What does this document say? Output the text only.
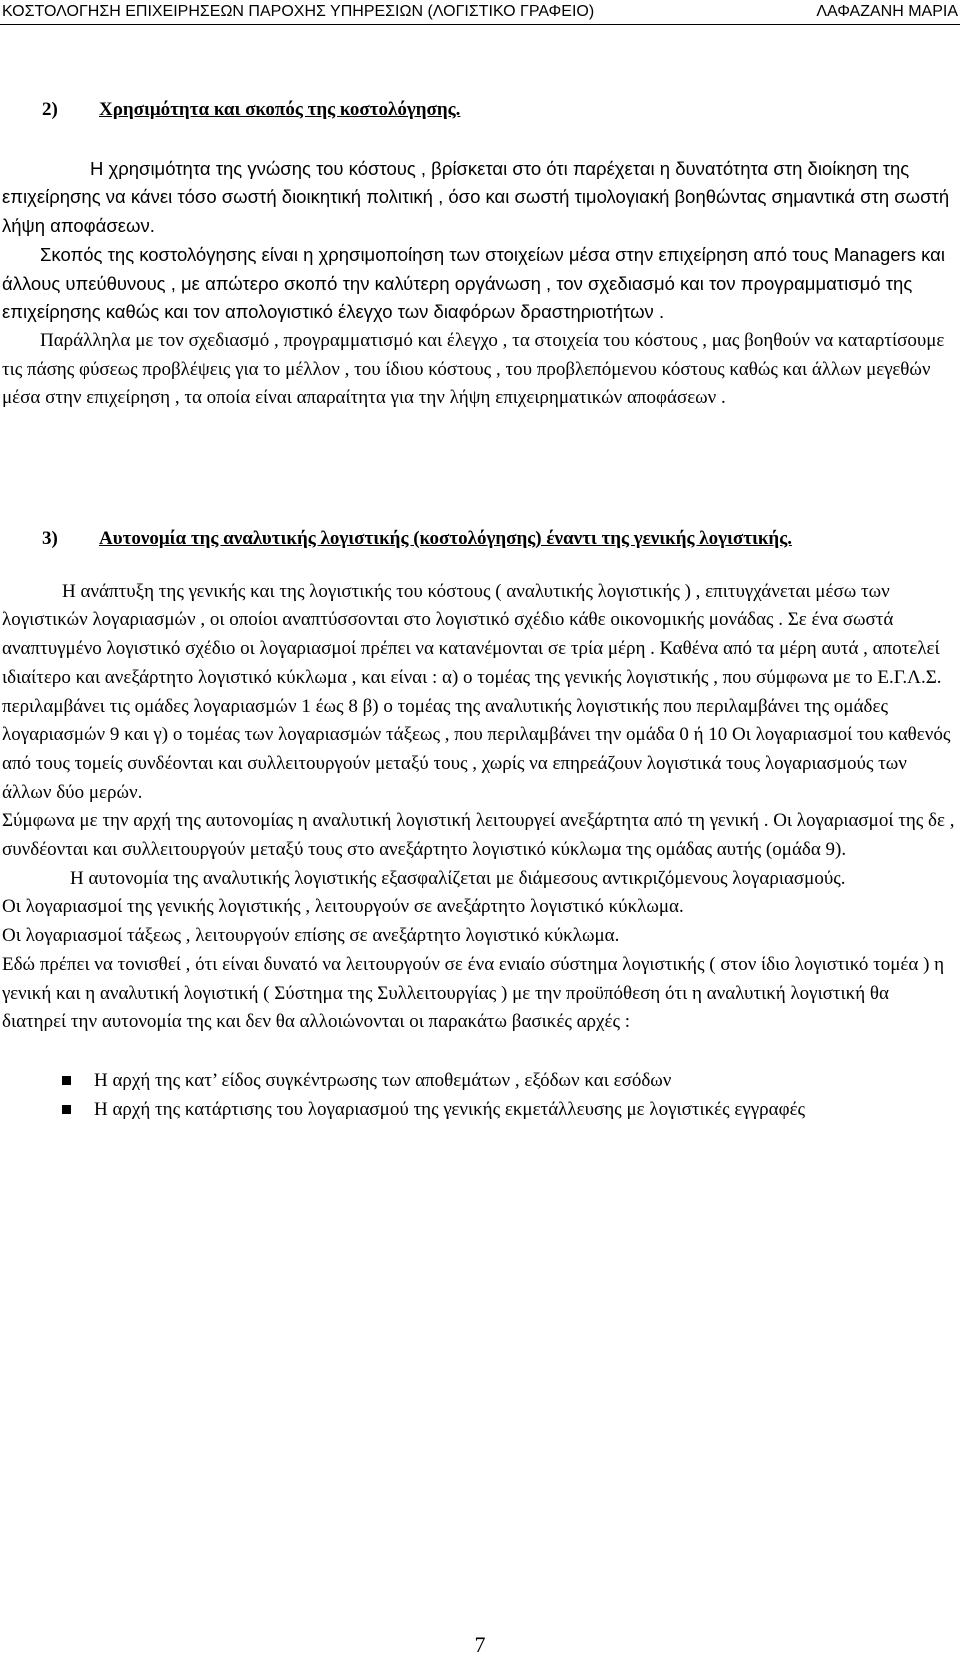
ΚΟΣΤΟΛΟΓΗΣΗ ΕΠΙΧΕΙΡΗΣΕΩΝ ΠΑΡΟΧΗΣ ΥΠΗΡΕΣΙΩΝ (ΛΟΓΙΣΤΙΚΟ ΓΡΑΦΕΙΟ)	ΛΑΦΑΖΑΝΗ ΜΑΡΙΑ
2)	Χρησιμότητα και σκοπός της κοστολόγησης.

Η χρησιμότητα της γνώσης του κόστους , βρίσκεται στο ότι παρέχεται η δυνατότητα στη διοίκηση της επιχείρησης να κάνει τόσο σωστή διοικητική πολιτική , όσο και σωστή τιμολογιακή βοηθώντας σημαντικά στη σωστή λήψη αποφάσεων.

Σκοπός της κοστολόγησης είναι η χρησιμοποίηση των στοιχείων μέσα στην επιχείρηση από τους Managers και άλλους υπεύθυνους , με απώτερο σκοπό την καλύτερη οργάνωση , τον σχεδιασμό και τον προγραμματισμό της επιχείρησης καθώς και τον απολογιστικό έλεγχο των διαφόρων δραστηριοτήτων .

Παράλληλα με τον σχεδιασμό , προγραμματισμό και έλεγχο , τα στοιχεία του κόστους , μας βοηθούν να καταρτίσουμε τις πάσης φύσεως προβλέψεις για το μέλλον , του ίδιου κόστους , του προβλεπόμενου κόστους καθώς και άλλων μεγεθών μέσα στην επιχείρηση , τα οποία είναι απαραίτητα για την λήψη επιχειρηματικών αποφάσεων .

3)	Αυτονομία της αναλυτικής λογιστικής (κοστολόγησης) έναντι της γενικής λογιστικής.

Η ανάπτυξη της γενικής και της λογιστικής του κόστους ( αναλυτικής λογιστικής ) , επιτυγχάνεται μέσω των λογιστικών λογαριασμών , οι οποίοι αναπτύσσονται στο λογιστικό σχέδιο κάθε οικονομικής μονάδας . Σε ένα σωστά αναπτυγμένο λογιστικό σχέδιο οι λογαριασμοί πρέπει να κατανέμονται σε τρία μέρη . Καθένα από τα μέρη αυτά , αποτελεί ιδιαίτερο και ανεξάρτητο λογιστικό κύκλωμα , και είναι : α) ο τομέας της γενικής λογιστικής , που σύμφωνα με το Ε.Γ.Λ.Σ. περιλαμβάνει τις ομάδες λογαριασμών 1 έως 8 β) ο τομέας της αναλυτικής λογιστικής που περιλαμβάνει της ομάδες λογαριασμών 9 και γ) ο τομέας των λογαριασμών τάξεως , που περιλαμβάνει την ομάδα 0 ή 10 Οι λογαριασμοί του καθενός από τους τομείς συνδέονται και συλλειτουργούν μεταξύ τους , χωρίς να επηρεάζουν λογιστικά τους λογαριασμούς των άλλων δύο μερών.

Σύμφωνα με την αρχή της αυτονομίας η αναλυτική λογιστική λειτουργεί ανεξάρτητα από τη γενική . Οι λογαριασμοί της δε , συνδέονται και συλλειτουργούν μεταξύ τους στο ανεξάρτητο λογιστικό κύκλωμα της ομάδας αυτής (ομάδα 9).

Η αυτονομία της αναλυτικής λογιστικής εξασφαλίζεται με διάμεσους αντικριζόμενους λογαριασμούς.

Οι λογαριασμοί της γενικής λογιστικής , λειτουργούν σε ανεξάρτητο λογιστικό κύκλωμα.

Οι λογαριασμοί τάξεως , λειτουργούν επίσης σε ανεξάρτητο λογιστικό κύκλωμα.

Εδώ πρέπει να τονισθεί , ότι είναι δυνατό να λειτουργούν σε ένα ενιαίο σύστημα λογιστικής ( στον ίδιο λογιστικό τομέα ) η γενική και η αναλυτική λογιστική ( Σύστημα της Συλλειτουργίας ) με την προϋπόθεση ότι η αναλυτική λογιστική θα διατηρεί την αυτονομία της και δεν θα αλλοιώνονται οι παρακάτω βασικές αρχές :

Η αρχή της κατ’ είδος συγκέντρωσης των αποθεμάτων , εξόδων και εσόδων
Η αρχή της κατάρτισης του λογαριασμού της γενικής εκμετάλλευσης με λογιστικές εγγραφές
7
